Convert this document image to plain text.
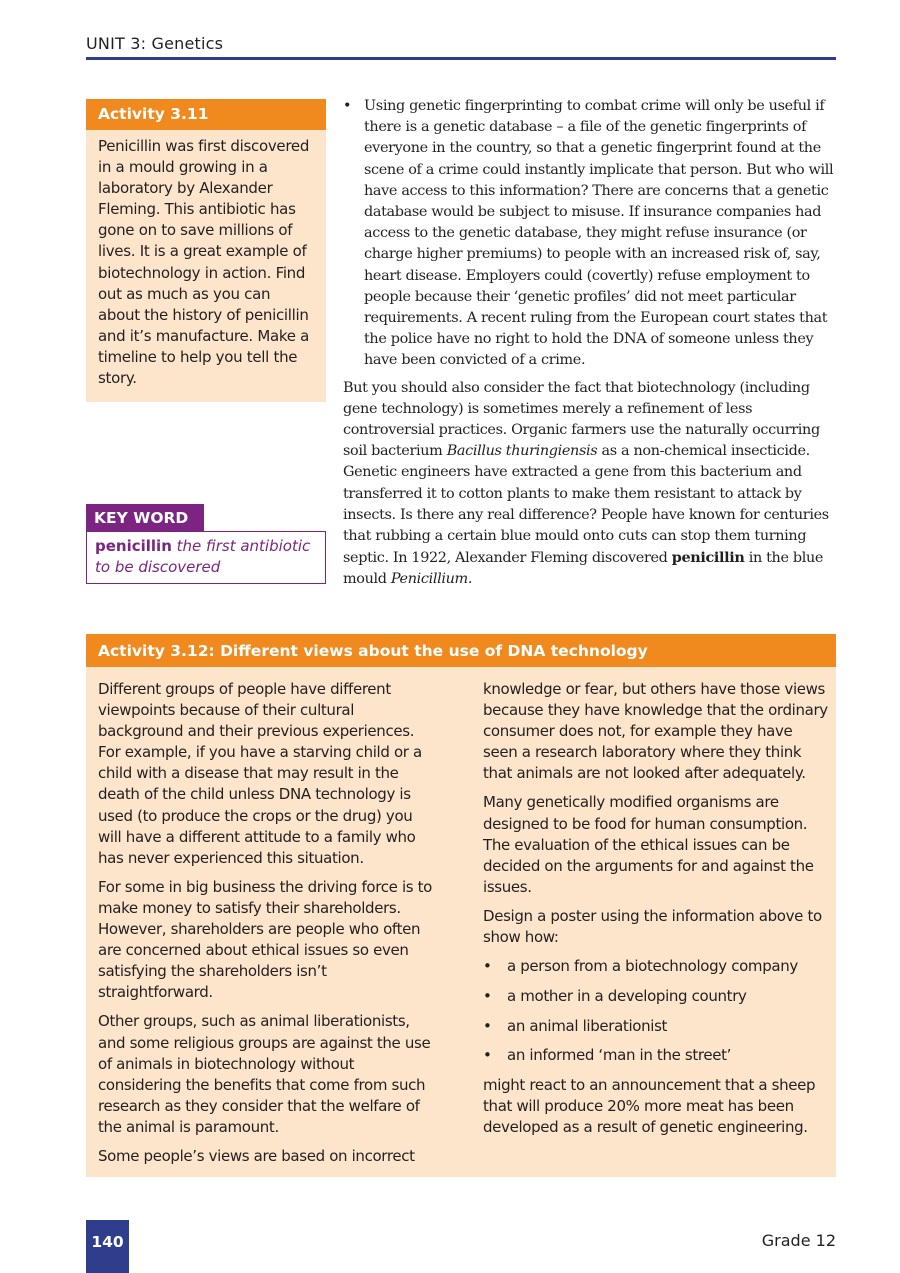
UNIT 3: Genetics
Activity 3.11
Penicillin was first discovered in a mould growing in a laboratory by Alexander Fleming. This antibiotic has gone on to save millions of lives. It is a great example of biotechnology in action. Find out as much as you can about the history of penicillin and it’s manufacture. Make a timeline to help you tell the story.
KEY WORD
penicillin the first antibiotic to be discovered
• Using genetic fingerprinting to combat crime will only be useful if there is a genetic database – a file of the genetic fingerprints of everyone in the country, so that a genetic fingerprint found at the scene of a crime could instantly implicate that person. But who will have access to this information? There are concerns that a genetic database would be subject to misuse. If insurance companies had access to the genetic database, they might refuse insurance (or charge higher premiums) to people with an increased risk of, say, heart disease. Employers could (covertly) refuse employment to people because their ‘genetic profiles’ did not meet particular requirements. A recent ruling from the European court states that the police have no right to hold the DNA of someone unless they have been convicted of a crime.

But you should also consider the fact that biotechnology (including gene technology) is sometimes merely a refinement of less controversial practices. Organic farmers use the naturally occurring soil bacterium Bacillus thuringiensis as a non-chemical insecticide. Genetic engineers have extracted a gene from this bacterium and transferred it to cotton plants to make them resistant to attack by insects. Is there any real difference? People have known for centuries that rubbing a certain blue mould onto cuts can stop them turning septic. In 1922, Alexander Fleming discovered penicillin in the blue mould Penicillium.

Activity 3.12: Different views about the use of DNA technology

Different groups of people have different viewpoints because of their cultural background and their previous experiences. For example, if you have a starving child or a child with a disease that may result in the death of the child unless DNA technology is used (to produce the crops or the drug) you will have a different attitude to a family who has never experienced this situation.

For some in big business the driving force is to make money to satisfy their shareholders. However, shareholders are people who often are concerned about ethical issues so even satisfying the shareholders isn’t straightforward.

Other groups, such as animal liberationists, and some religious groups are against the use of animals in biotechnology without considering the benefits that come from such research as they consider that the welfare of the animal is paramount.

Some people’s views are based on incorrect

knowledge or fear, but others have those views because they have knowledge that the ordinary consumer does not, for example they have seen a research laboratory where they think that animals are not looked after adequately.

Many genetically modified organisms are designed to be food for human consumption. The evaluation of the ethical issues can be decided on the arguments for and against the issues.

Design a poster using the information above to show how:

• a person from a biotechnology company
• a mother in a developing country
• an animal liberationist
• an informed ‘man in the street’

might react to an announcement that a sheep that will produce 20% more meat has been developed as a result of genetic engineering.

140	Grade 12
